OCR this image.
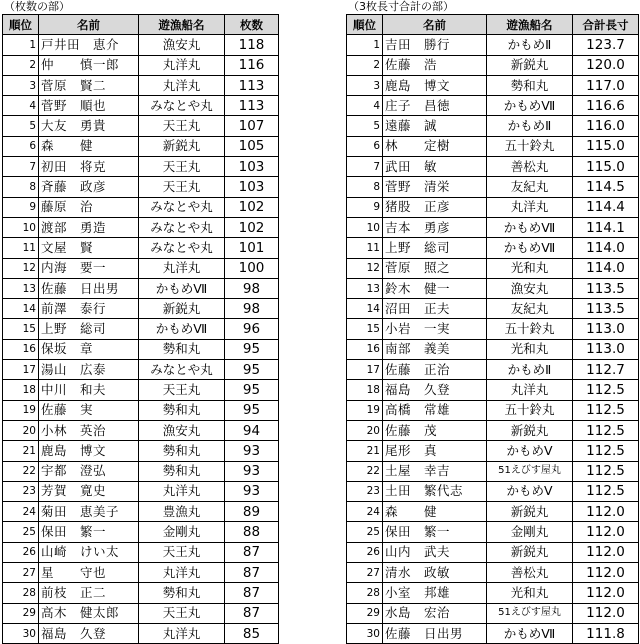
（枚数の部）
順位	名前	遊漁船名	枚数
1	戸井田　恵介	漁安丸	118
2	仲　　慎一郎	丸洋丸	116
3	菅原　賢二	丸洋丸	113
4	菅野　順也	みなとや丸	113
5	大友　勇貴	天王丸	107
6	森　　健	新鋭丸	105
7	初田　将克	天王丸	103
8	斉藤　政彦	天王丸	103
9	藤原　治	みなとや丸	102
10	渡部　勇造	みなとや丸	102
11	文屋　賢	みなとや丸	101
12	内海　要一	丸洋丸	100
13	佐藤　日出男	かもめⅦ	98
14	前澤　泰行	新鋭丸	98
15	上野　総司	かもめⅦ	96
16	保坂　章	勢和丸	95
17	湯山　広泰	みなとや丸	95
18	中川　和夫	天王丸	95
19	佐藤　実	勢和丸	95
20	小林　英治	漁安丸	94
21	鹿島　博文	勢和丸	93
22	宇都　澄弘	勢和丸	93
23	芳賀　寛史	丸洋丸	93
24	菊田　恵美子	豊漁丸	89
25	保田　繁一	金剛丸	88
26	山崎　けい太	天王丸	87
27	星　　守也	丸洋丸	87
28	前枝　正二	勢和丸	87
29	高木　健太郎	天王丸	87
30	福島　久登	丸洋丸	85
（3枚長寸合計の部）
順位	名前	遊漁船名	合計長寸
1	吉田　勝行	かもめⅡ	123.7
2	佐藤　浩	新鋭丸	120.0
3	鹿島　博文	勢和丸	117.0
4	庄子　昌徳	かもめⅦ	116.6
5	遠藤　誠	かもめⅡ	116.0
6	林　　定樹	五十鈴丸	115.0
7	武田　敏	善松丸	115.0
8	菅野　清栄	友紀丸	114.5
9	猪股　正彦	丸洋丸	114.4
10	吉本　勇彦	かもめⅦ	114.1
11	上野　総司	かもめⅦ	114.0
12	菅原　照之	光和丸	114.0
13	鈴木　健一	漁安丸	113.5
14	沼田　正夫	友紀丸	113.5
15	小岩　一実	五十鈴丸	113.0
16	南部　義美	光和丸	113.0
17	佐藤　正治	かもめⅡ	112.7
18	福島　久登	丸洋丸	112.5
19	高橋　常雄	五十鈴丸	112.5
20	佐藤　茂	新鋭丸	112.5
21	尾形　真	かもめⅤ	112.5
22	土屋　幸吉	51えびす屋丸	112.5
23	土田　繁代志	かもめⅤ	112.5
24	森　　健	新鋭丸	112.0
25	保田　繁一	金剛丸	112.0
26	山内　武夫	新鋭丸	112.0
27	清水　政敏	善松丸	112.0
28	小室　邦雄	光和丸	112.0
29	水島　宏治	51えびす屋丸	112.0
30	佐藤　日出男	かもめⅦ	111.8
